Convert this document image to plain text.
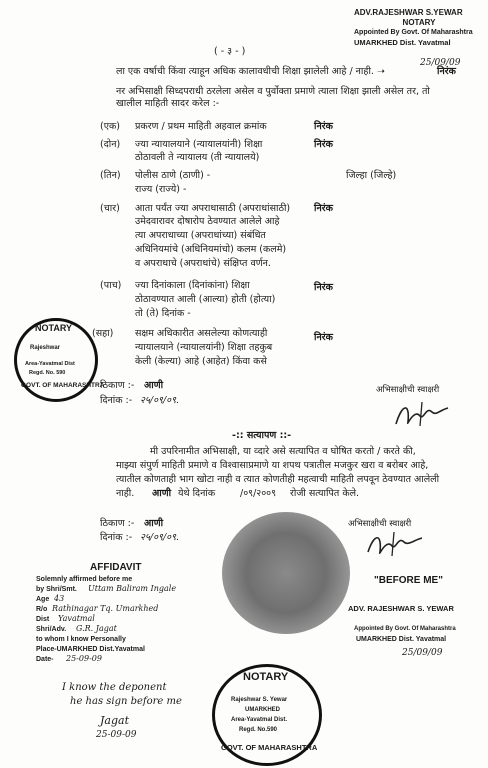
( - ३ - )
ADV.RAJESHWAR S.YEWAR
NOTARY
Appointed By Govt. Of Maharashtra
UMARKHED Dist. Yavatmal
25/09/09
ला एक वर्षाची किंवा त्याहून अधिक कालावधीची शिक्षा झालेली आहे / नाही. ➝	निरंक
नर अभिसाक्षी सिध्दपराधी ठरलेला असेल व पुर्वोक्ता प्रमाणे त्याला शिक्षा झाली असेल तर, तो
खालील माहिती सादर करेल :-
(एक) प्रकरण / प्रथम माहिती अहवाल क्रमांक	निरंक
(दोन) ज्या न्यायालयाने (न्यायालयांनी) शिक्षा
ठोठावली ते न्यायालय (ती न्यायालये)
निरंक
(तिन) पोलीस ठाणे (ठाणी) -
राज्य (राज्ये) -
जिल्हा (जिल्हे)
(चार) आता पर्यंत ज्या अपराधासाठी (अपराधांसाठी)
उमेदवारावर दोषारोप ठेवण्यात आलेले आहे
त्या अपराधाच्या (अपराधांच्या) संबंधित
अधिनियमांचे (अधिनियमांचो) कलम (कलमे)
व अपराधाचे (अपराधांचे) संक्षिप्त वर्णन.
निरंक
(पाच) ज्या दिनांकाला (दिनांकांना) शिक्षा
ठोठावण्यात आली (आल्या) होती (होत्या)
तो (ते) दिनांक -
निरंक
(सहा) सक्षम अधिकारीत असलेल्या कोणत्याही
न्यायालयाने (न्यायालयांनी) शिक्षा तहकुब
केली (केल्या) आहे (आहेत) किंवा कसे
निरंक
NOTARY
Rajeshwar
Area-Yavatmal Dist
Regd. No. 590
GOVT. OF MAHARASHTRA
ठिकाण :- आणी
दिनांक :- २५/०९/०९.
अभिसाक्षीची स्वाक्षरी
-:: सत्यापण ::-
मी उपरिनामीत अभिसाक्षी, या व्दारे असे सत्यापित व घोषित करतो / करते की,
माझ्या संपुर्ण माहिती प्रमाणे व विश्वासाप्रमाणे या शपथ पत्रातील मजकुर खरा व बरोबर आहे,
त्यातील कोणताही भाग खोटा नाही व त्यात कोणतीही महत्वाची माहिती लपवून ठेवण्यात आलेली
नाही. आणी येथे दिनांक	/०९/२००९ रोजी सत्यापित केले.
ठिकाण :- आणी
दिनांक :- २५/०९/०९.
अभिसाक्षीची स्वाक्षरी
AFFIDAVIT
Solemnly affirmed before me
by Shri/Smt. Uttam Baliram Ingale
Age 43
R/o Rathinagar Tq. Umarkhed
Dist Yavatmal
Shri/Adv. G.R. Jagat
to whom I know Personally
Place-UMARKHED Dist.Yavatmal
Date- 25-09-09
I know the deponent
he has sign before me
Jagat
25-09-09
"BEFORE ME"
ADV. RAJESHWAR S. YEWAR
Appointed By Govt. Of Maharashtra
UMARKHED Dist. Yavatmal
25/09/09
NOTARY
Rajeshwar S. Yewar
UMARKHED
Area-Yavatmal Dist.
Regd. No.590
GOVT. OF MAHARASHTRA
